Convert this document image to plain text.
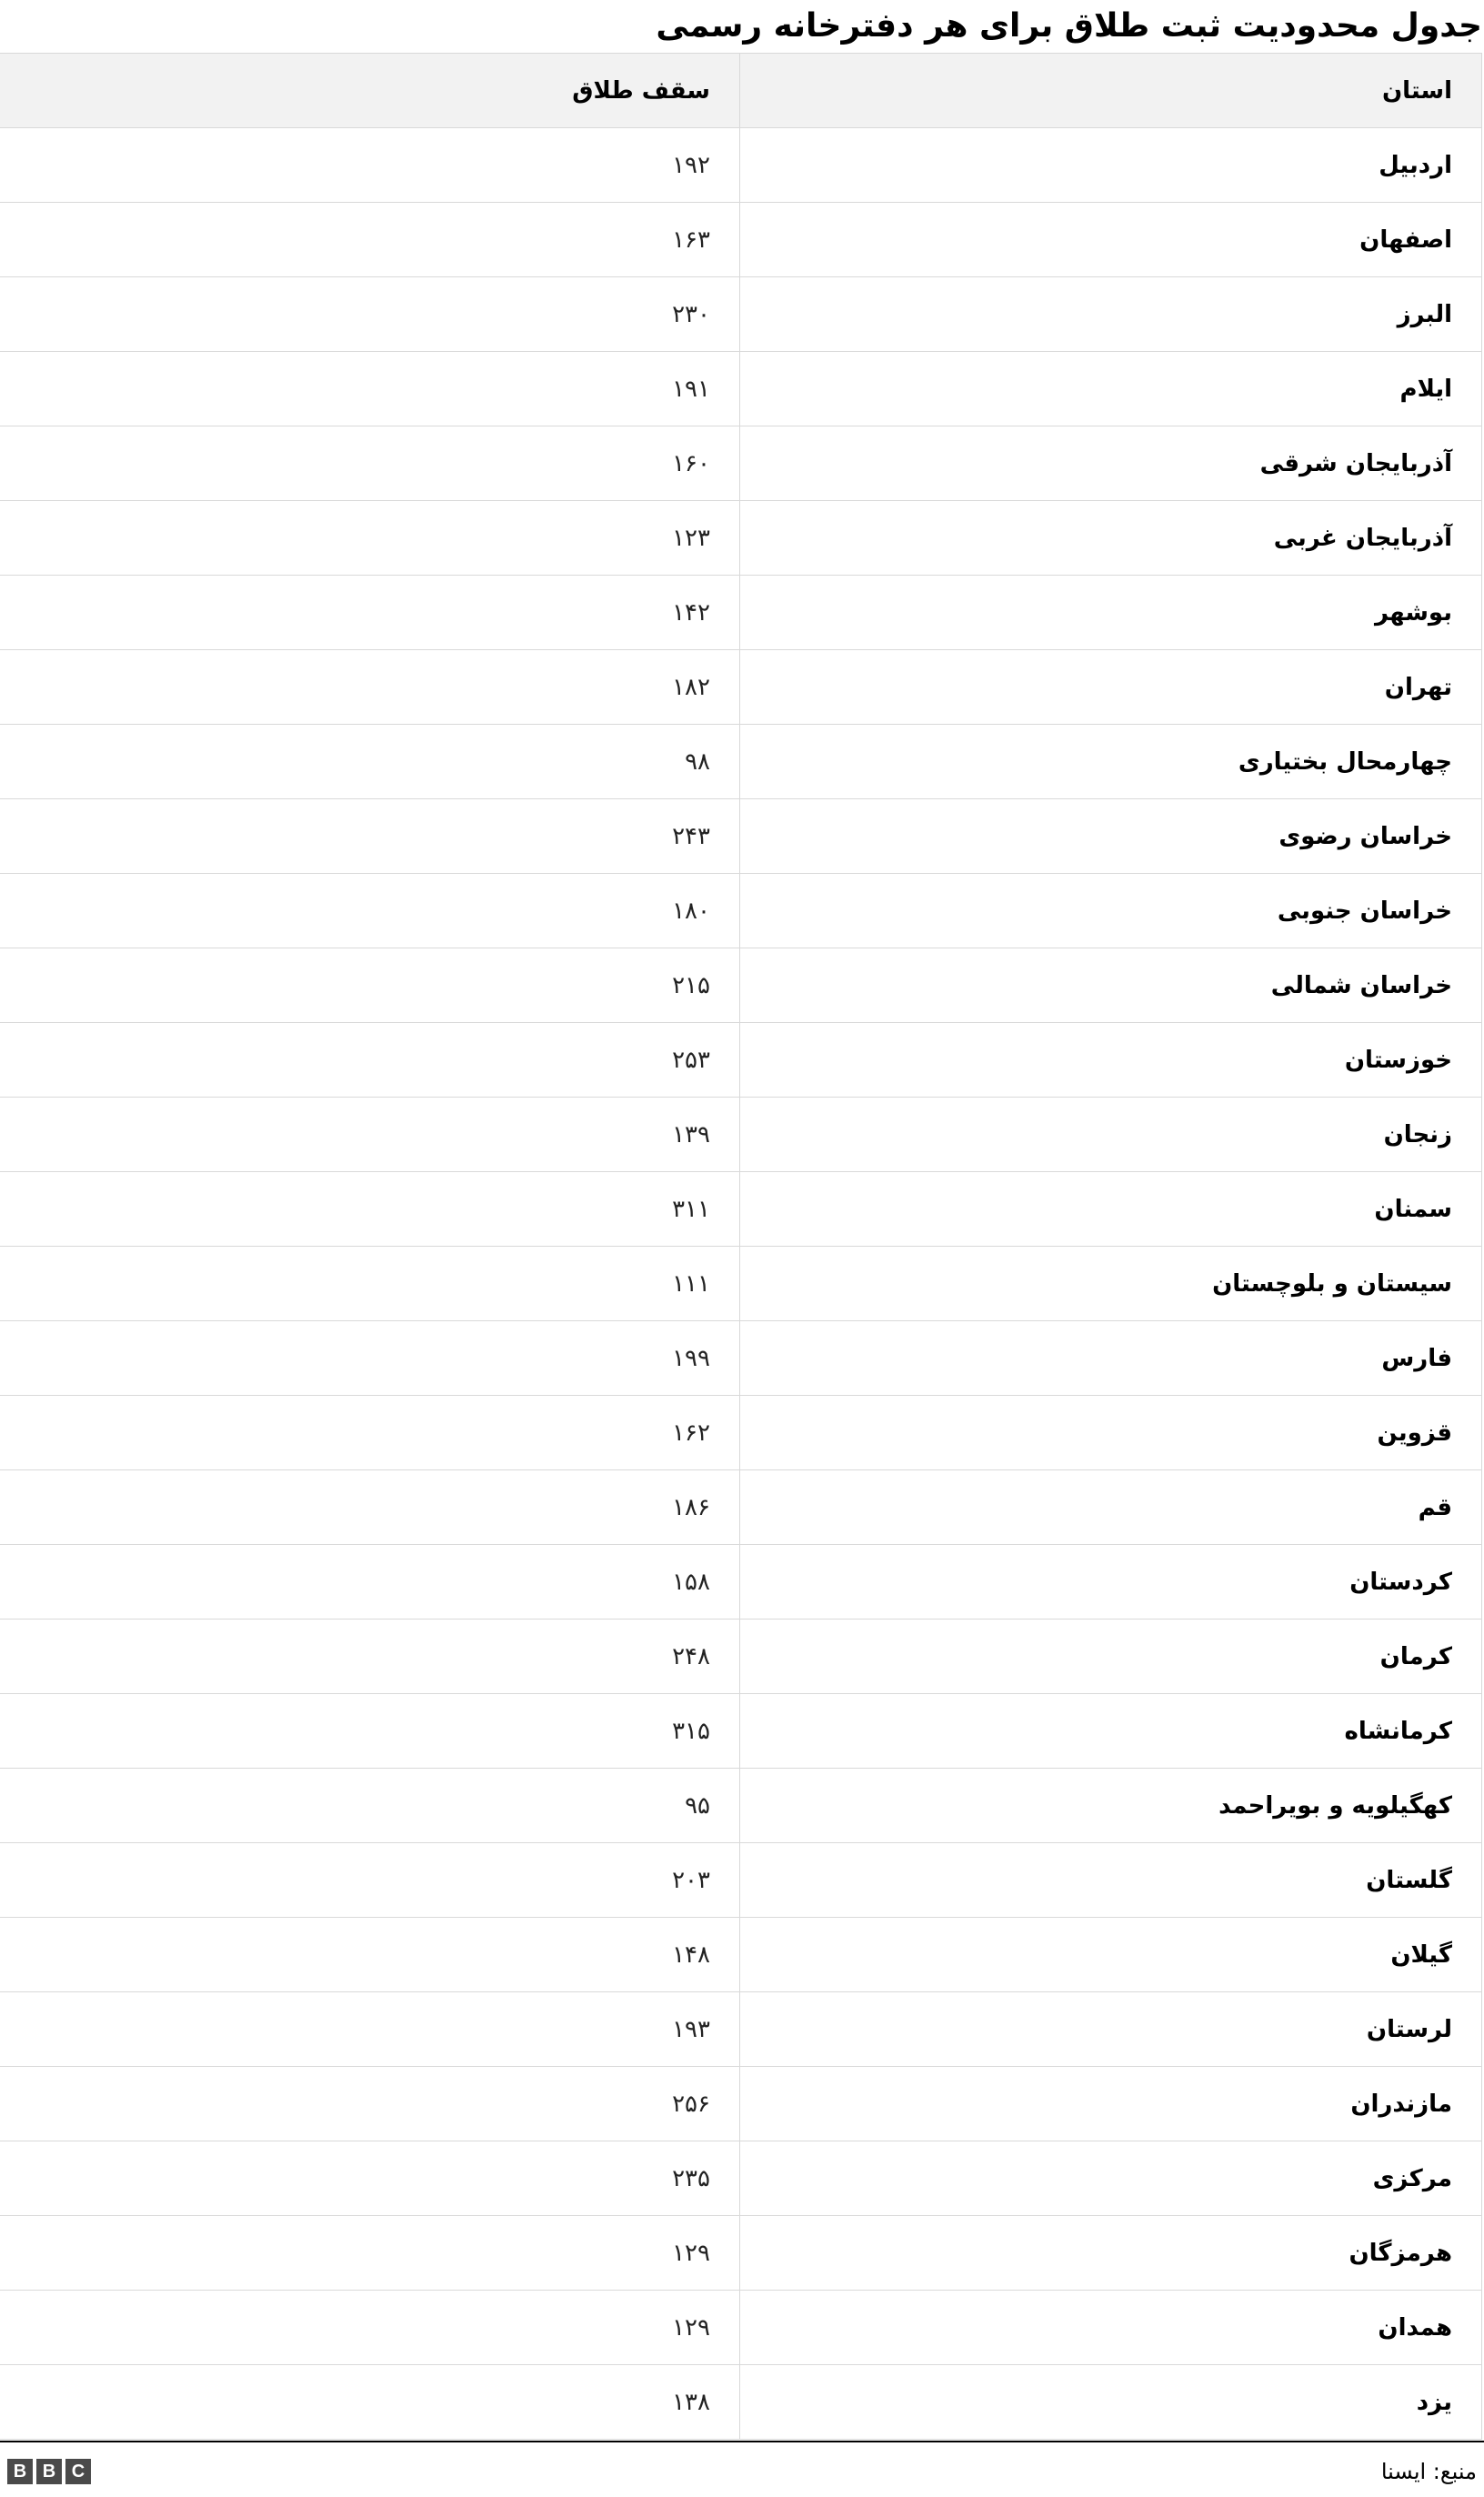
جدول محدودیت ثبت طلاق برای هر دفترخانه رسمی
استان	سقف طلاق
اردبیل	۱۹۲
اصفهان	۱۶۳
البرز	۲۳۰
ایلام	۱۹۱
آذربایجان شرقی	۱۶۰
آذربایجان غربی	۱۲۳
بوشهر	۱۴۲
تهران	۱۸۲
چهارمحال بختیاری	۹۸
خراسان رضوی	۲۴۳
خراسان جنوبی	۱۸۰
خراسان شمالی	۲۱۵
خوزستان	۲۵۳
زنجان	۱۳۹
سمنان	۳۱۱
سیستان و بلوچستان	۱۱۱
فارس	۱۹۹
قزوین	۱۶۲
قم	۱۸۶
کردستان	۱۵۸
کرمان	۲۴۸
کرمانشاه	۳۱۵
کهگیلویه و بویراحمد	۹۵
گلستان	۲۰۳
گیلان	۱۴۸
لرستان	۱۹۳
مازندران	۲۵۶
مرکزی	۲۳۵
هرمزگان	۱۲۹
همدان	۱۲۹
یزد	۱۳۸
منبع: ایسنا
B B C
